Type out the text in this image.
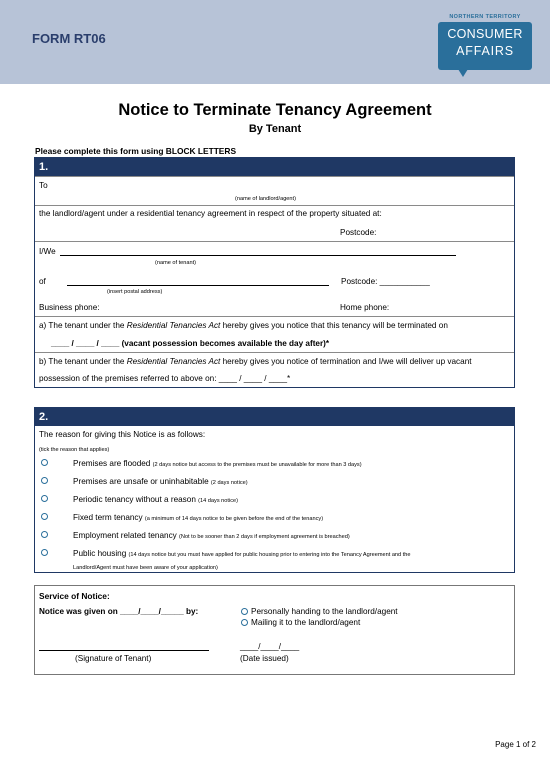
FORM RT06
NORTHERN TERRITORY
CONSUMER
AFFAIRS
Notice to Terminate Tenancy Agreement
By Tenant
Please complete this form using BLOCK LETTERS
1.
To
(name of landlord/agent)
the landlord/agent under a residential tenancy agreement in respect of the property situated at:
Postcode:
I/We
(name of tenant)
of	Postcode: ___________
(insert postal address)
Business phone:	Home phone:
a) The tenant under the Residential Tenancies Act hereby gives you notice that this tenancy will be terminated on
____ / ____ / ____ (vacant possession becomes available the day after)*
b) The tenant under the Residential Tenancies Act hereby gives you notice of termination and I/we will deliver up vacant
possession of the premises referred to above on: ____ / ____ / ____*
2.
The reason for giving this Notice is as follows:
(tick the reason that applies)
Premises are flooded (2 days notice but access to the premises must be unavailable for more than 3 days)
Premises are unsafe or uninhabitable (2 days notice)
Periodic tenancy without a reason (14 days notice)
Fixed term tenancy (a minimum of 14 days notice to be given before the end of the tenancy)
Employment related tenancy (Not to be sooner than 2 days if employment agreement is breached)
Public housing (14 days notice but you must have applied for public housing prior to entering into the Tenancy Agreement and the
Landlord/Agent must have been aware of your application)
Service of Notice:
Notice was given on ____/____/_____ by:	Personally handing to the landlord/agent
Mailing it to the landlord/agent
____/____/____
(Signature of Tenant)	(Date issued)
Page 1 of 2
